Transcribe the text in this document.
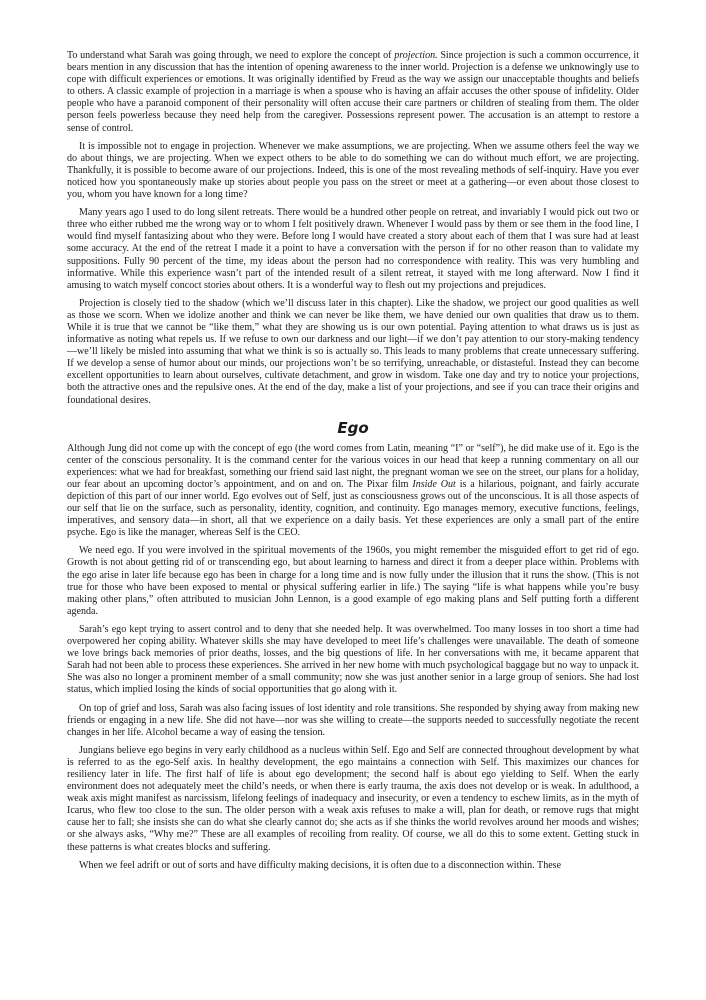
To understand what Sarah was going through, we need to explore the concept of projection. Since projection is such a common occurrence, it bears mention in any discussion that has the intention of opening awareness to the inner world. Projection is a defense we unknowingly use to cope with difficult experiences or emotions. It was originally identified by Freud as the way we assign our unacceptable thoughts and beliefs to others. A classic example of projection in a marriage is when a spouse who is having an affair accuses the other spouse of infidelity. Older people who have a paranoid component of their personality will often accuse their care partners or children of stealing from them. The older person feels powerless because they need help from the caregiver. Possessions represent power. The accusation is an attempt to restore a sense of control.

It is impossible not to engage in projection. Whenever we make assumptions, we are projecting. When we assume others feel the way we do about things, we are projecting. When we expect others to be able to do something we can do without much effort, we are projecting. Thankfully, it is possible to become aware of our projections. Indeed, this is one of the most revealing methods of self-inquiry. Have you ever noticed how you spontaneously make up stories about people you pass on the street or meet at a gathering—or even about those closest to you, whom you have known for a long time?

Many years ago I used to do long silent retreats. There would be a hundred other people on retreat, and invariably I would pick out two or three who either rubbed me the wrong way or to whom I felt positively drawn. Whenever I would pass by them or see them in the food line, I would find myself fantasizing about who they were. Before long I would have created a story about each of them that I was sure had at least some accuracy. At the end of the retreat I made it a point to have a conversation with the person if for no other reason than to validate my suppositions. Fully 90 percent of the time, my ideas about the person had no correspondence with reality. This was very humbling and informative. While this experience wasn’t part of the intended result of a silent retreat, it stayed with me long afterward. Now I find it amusing to watch myself concoct stories about others. It is a wonderful way to flesh out my projections and prejudices.

Projection is closely tied to the shadow (which we’ll discuss later in this chapter). Like the shadow, we project our good qualities as well as those we scorn. When we idolize another and think we can never be like them, we have denied our own qualities that draw us to them. While it is true that we cannot be “like them,” what they are showing us is our own potential. Paying attention to what draws us is just as informative as noting what repels us. If we refuse to own our darkness and our light—if we don’t pay attention to our story-making tendency—we’ll likely be misled into assuming that what we think is so is actually so. This leads to many problems that create unnecessary suffering. If we develop a sense of humor about our minds, our projections won’t be so terrifying, unreachable, or distasteful. Instead they can become excellent opportunities to learn about ourselves, cultivate detachment, and grow in wisdom. Take one day and try to notice your projections, both the attractive ones and the repulsive ones. At the end of the day, make a list of your projections, and see if you can trace their origins and foundational desires.

Ego

Although Jung did not come up with the concept of ego (the word comes from Latin, meaning “I” or “self”), he did make use of it. Ego is the center of the conscious personality. It is the command center for the various voices in our head that keep a running commentary on all our experiences: what we had for breakfast, something our friend said last night, the pregnant woman we see on the street, our plans for a holiday, our fear about an upcoming doctor’s appointment, and on and on. The Pixar film Inside Out is a hilarious, poignant, and fairly accurate depiction of this part of our inner world. Ego evolves out of Self, just as consciousness grows out of the unconscious. It is all those aspects of our self that lie on the surface, such as personality, identity, cognition, and continuity. Ego manages memory, executive functions, feelings, imperatives, and sensory data—in short, all that we experience on a daily basis. Yet these experiences are only a small part of the entire psyche. Ego is like the manager, whereas Self is the CEO.

We need ego. If you were involved in the spiritual movements of the 1960s, you might remember the misguided effort to get rid of ego. Growth is not about getting rid of or transcending ego, but about learning to harness and direct it from a deeper place within. Problems with the ego arise in later life because ego has been in charge for a long time and is now fully under the illusion that it runs the show. (This is not true for those who have been exposed to mental or physical suffering earlier in life.) The saying “life is what happens while you’re busy making other plans,” often attributed to musician John Lennon, is a good example of ego making plans and Self putting forth a different agenda.

Sarah’s ego kept trying to assert control and to deny that she needed help. It was overwhelmed. Too many losses in too short a time had overpowered her coping ability. Whatever skills she may have developed to meet life’s challenges were unavailable. The death of someone we love brings back memories of prior deaths, losses, and the big questions of life. In her conversations with me, it became apparent that Sarah had not been able to process these experiences. She arrived in her new home with much psychological baggage but no way to unpack it. She was also no longer a prominent member of a small community; now she was just another senior in a large group of seniors. She had lost status, which implied losing the kinds of social opportunities that go along with it.

On top of grief and loss, Sarah was also facing issues of lost identity and role transitions. She responded by shying away from making new friends or engaging in a new life. She did not have—nor was she willing to create—the supports needed to successfully negotiate the recent changes in her life. Alcohol became a way of easing the tension.

Jungians believe ego begins in very early childhood as a nucleus within Self. Ego and Self are connected throughout development by what is referred to as the ego-Self axis. In healthy development, the ego maintains a connection with Self. This maximizes our chances for resiliency later in life. The first half of life is about ego development; the second half is about ego yielding to Self. When the early environment does not adequately meet the child’s needs, or when there is early trauma, the axis does not develop or is weak. In adulthood, a weak axis might manifest as narcissism, lifelong feelings of inadequacy and insecurity, or even a tendency to eschew limits, as in the myth of Icarus, who flew too close to the sun. The older person with a weak axis refuses to make a will, plan for death, or remove rugs that might cause her to fall; she insists she can do what she clearly cannot do; she acts as if she thinks the world revolves around her moods and wishes; or she always asks, “Why me?” These are all examples of recoiling from reality. Of course, we all do this to some extent. Getting stuck in these patterns is what creates blocks and suffering.

When we feel adrift or out of sorts and have difficulty making decisions, it is often due to a disconnection within. These
